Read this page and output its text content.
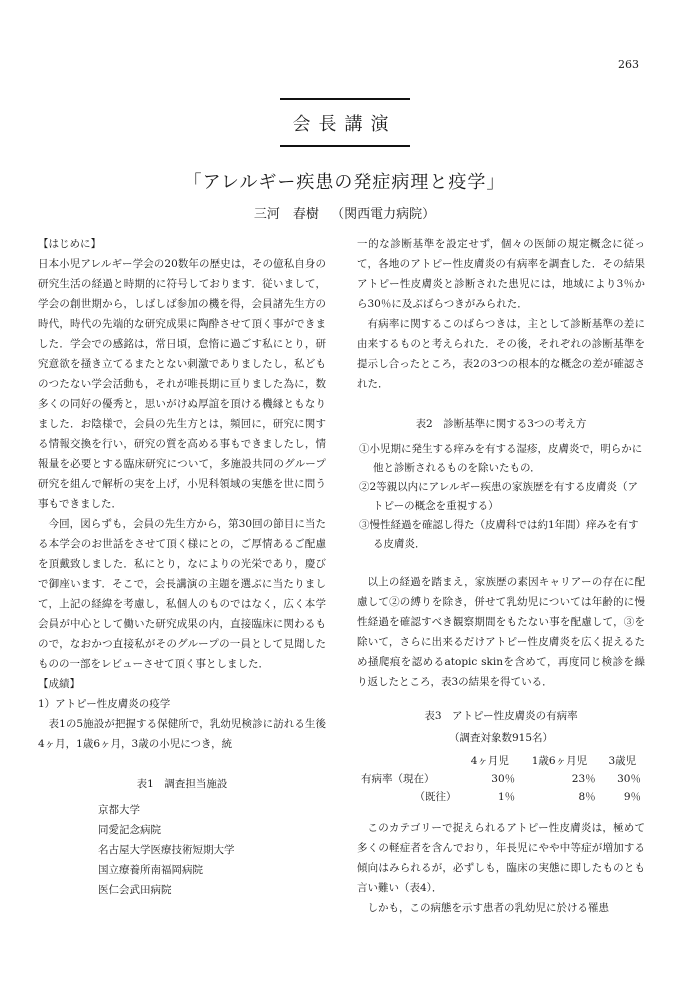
263
会長講演
「アレルギー疾患の発症病理と疫学」
三河　春樹 （関西電力病院）

【はじめに】

日本小児アレルギー学会の20数年の歴史は，その億私自身の研究生活の経過と時期的に符号しております．従いまして，学会の創世期から，しばしば参加の機を得，会員諸先生方の時代，時代の先端的な研究成果に陶酔させて頂く事ができました．学会での感銘は，常日頃，怠惰に過ごす私にとり，研究意欲を掻き立てるまたとない刺激でありましたし，私どものつたない学会活動も，それが唯長期に亘りました為に，数多くの同好の優秀と，思いがけぬ厚誼を頂ける機縁ともなりました．お陰様で，会員の先生方とは，頻回に，研究に関する情報交換を行い，研究の質を高める事もできましたし，情報量を必要とする臨床研究について，多施設共同のグループ研究を組んで解析の実を上げ，小児科領域の実態を世に問う事もできました．

今回，図らずも，会員の先生方から，第30回の節目に当たる本学会のお世話をさせて頂く様にとの，ご厚情あるご配慮を頂戴致しました．私にとり，なによりの光栄であり，慶びで御座います．そこで，会長講演の主題を選ぶに当たりまして，上記の経緯を考慮し，私個人のものではなく，広く本学会員が中心として働いた研究成果の内，直接臨床に関わるもので，なおかつ直接私がそのグループの一員として見聞したものの一部をレビューさせて頂く事としました．

【成績】

1）アトピー性皮膚炎の疫学

表1の5施設が把握する保健所で，乳幼児検診に訪れる生後4ヶ月，1歳6ヶ月，3歳の小児につき，統

表1　調査担当施設
京都大学
同愛記念病院
名古屋大学医療技術短期大学
国立療養所南福岡病院
医仁会武田病院

一的な診断基準を設定せず，個々の医師の規定概念に従って，各地のアトピー性皮膚炎の有病率を調査した．その結果アトピー性皮膚炎と診断された患児には，地域により3％から30％に及ぶばらつきがみられた．

有病率に関するこのばらつきは，主として診断基準の差に由来するものと考えられた．その後，それぞれの診断基準を提示し合ったところ，表2の3つの根本的な概念の差が確認された．

表2　診断基準に関する3つの考え方
①小児期に発生する痒みを有する湿疹，皮膚炎で，明らかに他と診断されるものを除いたもの．
②2等親以内にアレルギー疾患の家族歴を有する皮膚炎（アトピーの概念を重視する）
③慢性経過を確認し得た（皮膚科では約1年間）痒みを有する皮膚炎．

以上の経過を踏まえ，家族歴の素因キャリアーの存在に配慮して②の縛りを除き，併せて乳幼児については年齢的に慢性経過を確認すべき観察期間をもたない事を配慮して，③を除いて，さらに出来るだけアトピー性皮膚炎を広く捉えるため掻爬痕を認めるatopic skinを含めて，再度同じ検診を繰り返したところ，表3の結果を得ている．

表3　アトピー性皮膚炎の有病率
（調査対象数915名）
	4ヶ月児	1歳6ヶ月児	3歳児
有病率（現在）	30％	23％	30％
（既往）	1％	8％	9％

このカテゴリーで捉えられるアトピー性皮膚炎は，極めて多くの軽症者を含んでおり，年長児にやや中等症が増加する傾向はみられるが，必ずしも，臨床の実態に即したものとも言い難い（表4）．

しかも，この病態を示す患者の乳幼児に於ける罹患
